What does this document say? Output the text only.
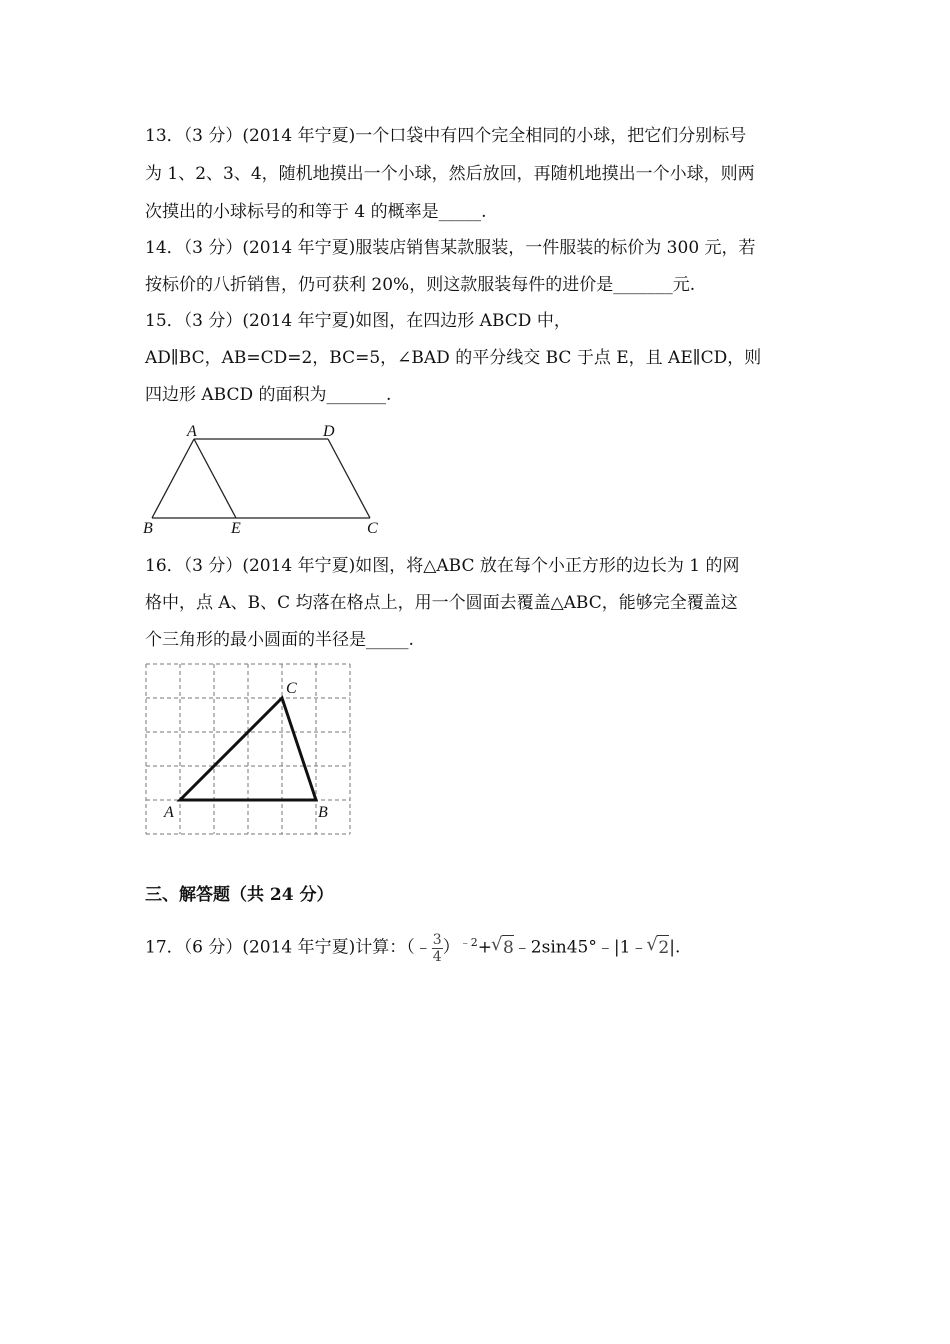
13．（3 分）(2014 年宁夏)一个口袋中有四个完全相同的小球，把它们分别标号
为 1、2、3、4，随机地摸出一个小球，然后放回，再随机地摸出一个小球，则两
次摸出的小球标号的和等于 4 的概率是_____.
14．（3 分）(2014 年宁夏)服装店销售某款服装，一件服装的标价为 300 元，若
按标价的八折销售，仍可获利 20%，则这款服装每件的进价是_______元.
15．（3 分）(2014 年宁夏)如图，在四边形 ABCD 中，
AD∥BC，AB=CD=2，BC=5，∠BAD 的平分线交 BC 于点 E，且 AE∥CD，则
四边形 ABCD 的面积为_______.
A	D
B	E	C
16．（3 分）(2014 年宁夏)如图，将△ABC 放在每个小正方形的边长为 1 的网
格中，点 A、B、C 均落在格点上，用一个圆面去覆盖△ABC，能够完全覆盖这
个三角形的最小圆面的半径是_____.
C
A	B
三、解答题（共 24 分）
17．（6 分）(2014 年宁夏)计算：（﹣ $\frac{3}{4} )^{﹣2}+√$ 8﹣2sin45°﹣|1﹣√ 2|.
